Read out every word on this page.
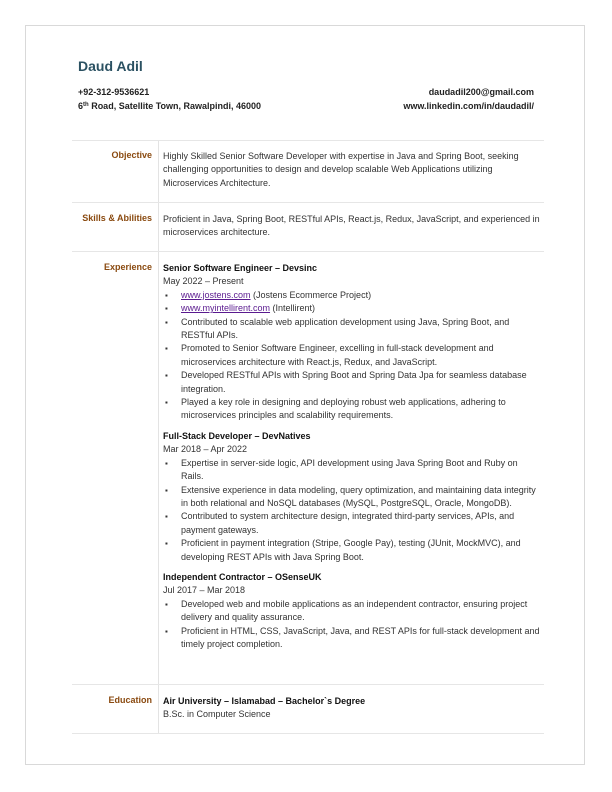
Daud Adil
+92-312-9536621
6th Road, Satellite Town, Rawalpindi, 46000
daudadil200@gmail.com
www.linkedin.com/in/daudadil/
Objective Highly Skilled Senior Software Developer with expertise in Java and Spring Boot, seeking challenging opportunities to design and develop scalable Web Applications utilizing Microservices Architecture.
Skills & Abilities Proficient in Java, Spring Boot, RESTful APIs, React.js, Redux, JavaScript, and experienced in microservices architecture.
Experience Senior Software Engineer – Devsinc
May 2022 – Present
▪ www.jostens.com (Jostens Ecommerce Project)
▪ www.myintellirent.com (Intellirent)
▪ Contributed to scalable web application development using Java, Spring Boot, and RESTful APIs.
▪ Promoted to Senior Software Engineer, excelling in full-stack development and microservices architecture with React.js, Redux, and JavaScript.
▪ Developed RESTful APIs with Spring Boot and Spring Data Jpa for seamless database integration.
▪ Played a key role in designing and deploying robust web applications, adhering to microservices principles and scalability requirements.
Full-Stack Developer – DevNatives
Mar 2018 – Apr 2022
▪ Expertise in server-side logic, API development using Java Spring Boot and Ruby on Rails.
▪ Extensive experience in data modeling, query optimization, and maintaining data integrity in both relational and NoSQL databases (MySQL, PostgreSQL, Oracle, MongoDB).
▪ Contributed to system architecture design, integrated third-party services, APIs, and payment gateways.
▪ Proficient in payment integration (Stripe, Google Pay), testing (JUnit, MockMVC), and developing REST APIs with Java Spring Boot.
Independent Contractor – OSenseUK
Jul 2017 – Mar 2018
▪ Developed web and mobile applications as an independent contractor, ensuring project delivery and quality assurance.
▪ Proficient in HTML, CSS, JavaScript, Java, and REST APIs for full-stack development and timely project completion.
Education Air University – Islamabad – Bachelor`s Degree
B.Sc. in Computer Science
